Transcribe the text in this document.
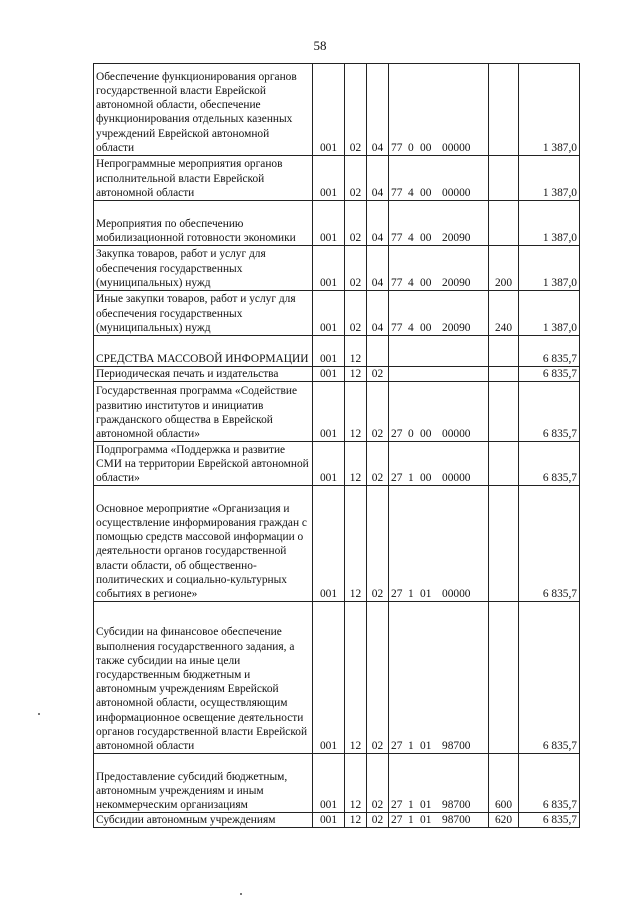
58
Обеспечение функционирования органов государственной власти Еврейской автономной области, обеспечение функционирования отдельных казенных учреждений Еврейской автономной области	001	02	04	77 0 00 00000		1 387,0
Непрограммные мероприятия органов исполнительной власти Еврейской автономной области	001	02	04	77 4 00 00000		1 387,0
Мероприятия по обеспечению мобилизационной готовности экономики	001	02	04	77 4 00 20090		1 387,0
Закупка товаров, работ и услуг для обеспечения государственных (муниципальных) нужд	001	02	04	77 4 00 20090	200	1 387,0
Иные закупки товаров, работ и услуг для обеспечения государственных (муниципальных) нужд	001	02	04	77 4 00 20090	240	1 387,0
СРЕДСТВА МАССОВОЙ ИНФОРМАЦИИ	001	12				6 835,7
Периодическая печать и издательства	001	12	02			6 835,7
Государственная программа «Содействие развитию институтов и инициатив гражданского общества в Еврейской автономной области»	001	12	02	27 0 00 00000		6 835,7
Подпрограмма «Поддержка и развитие СМИ на территории Еврейской автономной области»	001	12	02	27 1 00 00000		6 835,7
Основное мероприятие «Организация и осуществление информирования граждан с помощью средств массовой информации о деятельности органов государственной власти области, об общественно-политических и социально-культурных событиях в регионе»	001	12	02	27 1 01 00000		6 835,7
Субсидии на финансовое обеспечение выполнения государственного задания, а также субсидии на иные цели государственным бюджетным и автономным учреждениям Еврейской автономной области, осуществляющим информационное освещение деятельности органов государственной власти Еврейской автономной области	001	12	02	27 1 01 98700		6 835,7
Предоставление субсидий бюджетным, автономным учреждениям и иным некоммерческим организациям	001	12	02	27 1 01 98700	600	6 835,7
Субсидии автономным учреждениям	001	12	02	27 1 01 98700	620	6 835,7
